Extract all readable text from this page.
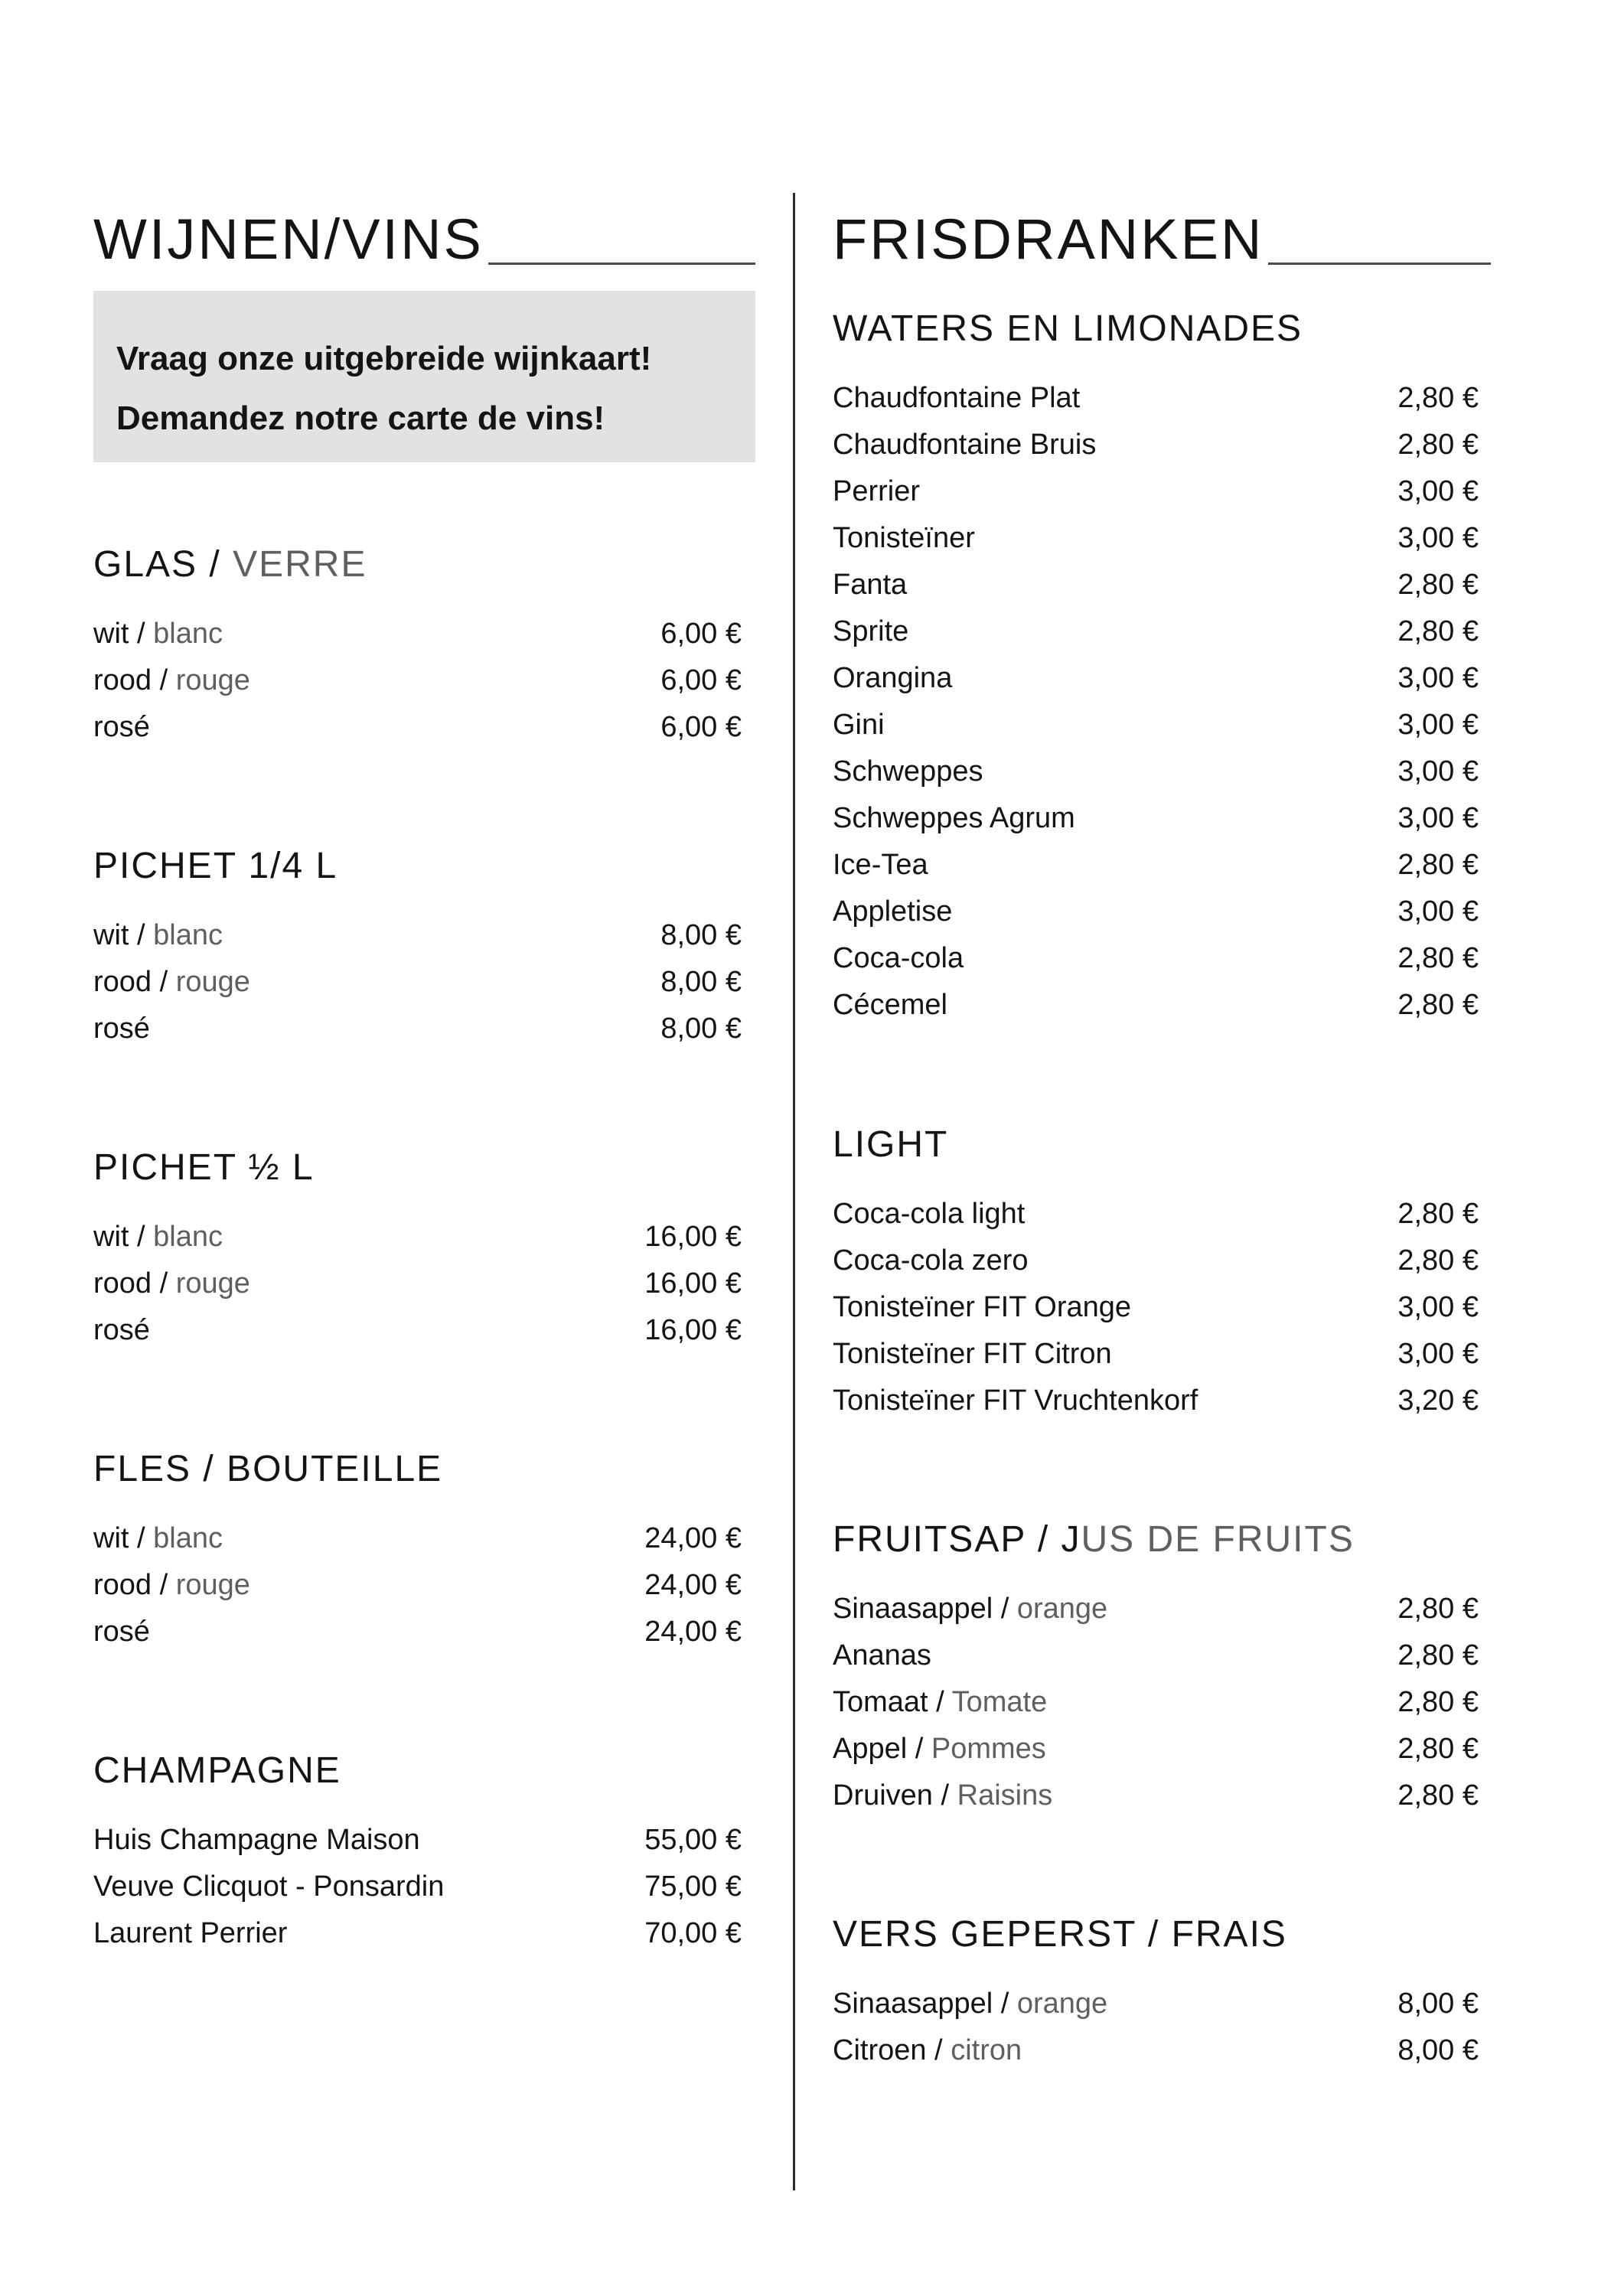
WIJNEN/VINS
Vraag onze uitgebreide wijnkaart!
Demandez notre carte de vins!
GLAS / VERRE
wit / blanc	6,00 €
rood / rouge	6,00 €
rosé	6,00 €
PICHET 1/4 L
wit / blanc	8,00 €
rood / rouge	8,00 €
rosé	8,00 €
PICHET ½ L
wit / blanc	16,00 €
rood / rouge	16,00 €
rosé	16,00 €
FLES / BOUTEILLE
wit / blanc	24,00 €
rood / rouge	24,00 €
rosé	24,00 €
CHAMPAGNE
Huis Champagne Maison	55,00 €
Veuve Clicquot - Ponsardin	75,00 €
Laurent Perrier	70,00 €
FRISDRANKEN
WATERS EN LIMONADES
Chaudfontaine Plat	2,80 €
Chaudfontaine Bruis	2,80 €
Perrier	3,00 €
Tonisteïner	3,00 €
Fanta	2,80 €
Sprite	2,80 €
Orangina	3,00 €
Gini	3,00 €
Schweppes	3,00 €
Schweppes Agrum	3,00 €
Ice-Tea	2,80 €
Appletise	3,00 €
Coca-cola	2,80 €
Cécemel	2,80 €
LIGHT
Coca-cola light	2,80 €
Coca-cola zero	2,80 €
Tonisteïner FIT Orange	3,00 €
Tonisteïner FIT Citron	3,00 €
Tonisteïner FIT Vruchtenkorf	3,20 €
FRUITSAP / JUS DE FRUITS
Sinaasappel / orange	2,80 €
Ananas	2,80 €
Tomaat / Tomate	2,80 €
Appel / Pommes	2,80 €
Druiven / Raisins	2,80 €
VERS GEPERST / FRAIS
Sinaasappel / orange	8,00 €
Citroen / citron	8,00 €
